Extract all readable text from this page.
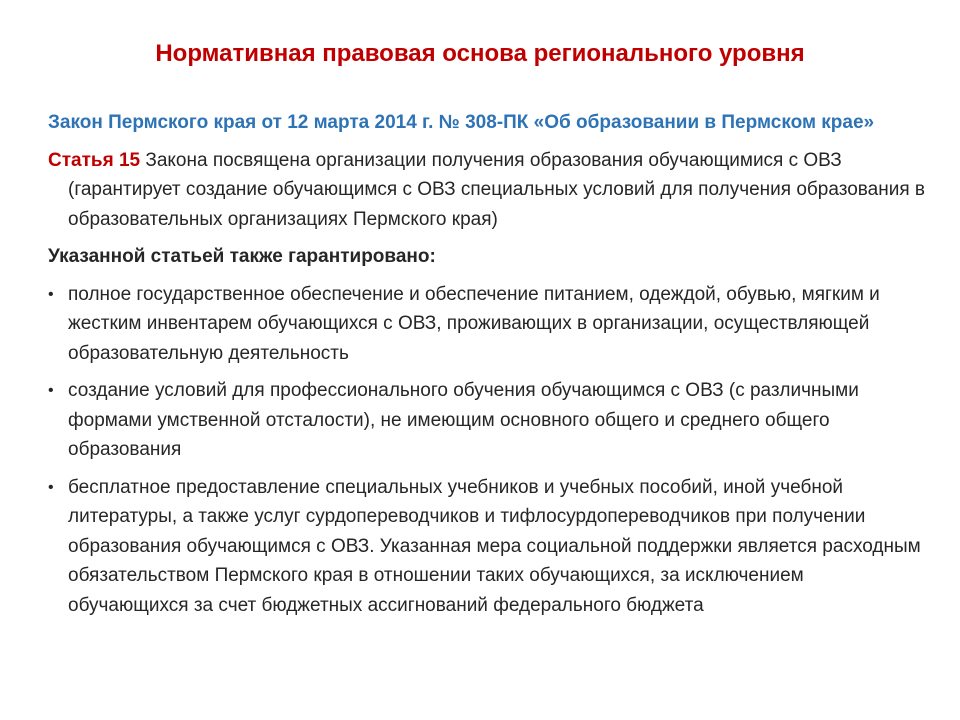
Нормативная правовая основа регионального уровня

Закон Пермского края от 12 марта 2014 г. № 308-ПК «Об образовании в Пермском крае»

Статья 15 Закона посвящена организации получения образования обучающимися с ОВЗ (гарантирует создание обучающимся с ОВЗ специальных условий для получения образования в образовательных организациях Пермского края)

Указанной статьей также гарантировано:

• полное государственное обеспечение и обеспечение питанием, одеждой, обувью, мягким и жестким инвентарем обучающихся с ОВЗ, проживающих в организации, осуществляющей образовательную деятельность
• создание условий для профессионального обучения обучающимся с ОВЗ (с различными формами умственной отсталости), не имеющим основного общего и среднего общего образования
• бесплатное предоставление специальных учебников и учебных пособий, иной учебной литературы, а также услуг сурдопереводчиков и тифлосурдопереводчиков при получении образования обучающимся с ОВЗ. Указанная мера социальной поддержки является расходным обязательством Пермского края в отношении таких обучающихся, за исключением обучающихся за счет бюджетных ассигнований федерального бюджета
